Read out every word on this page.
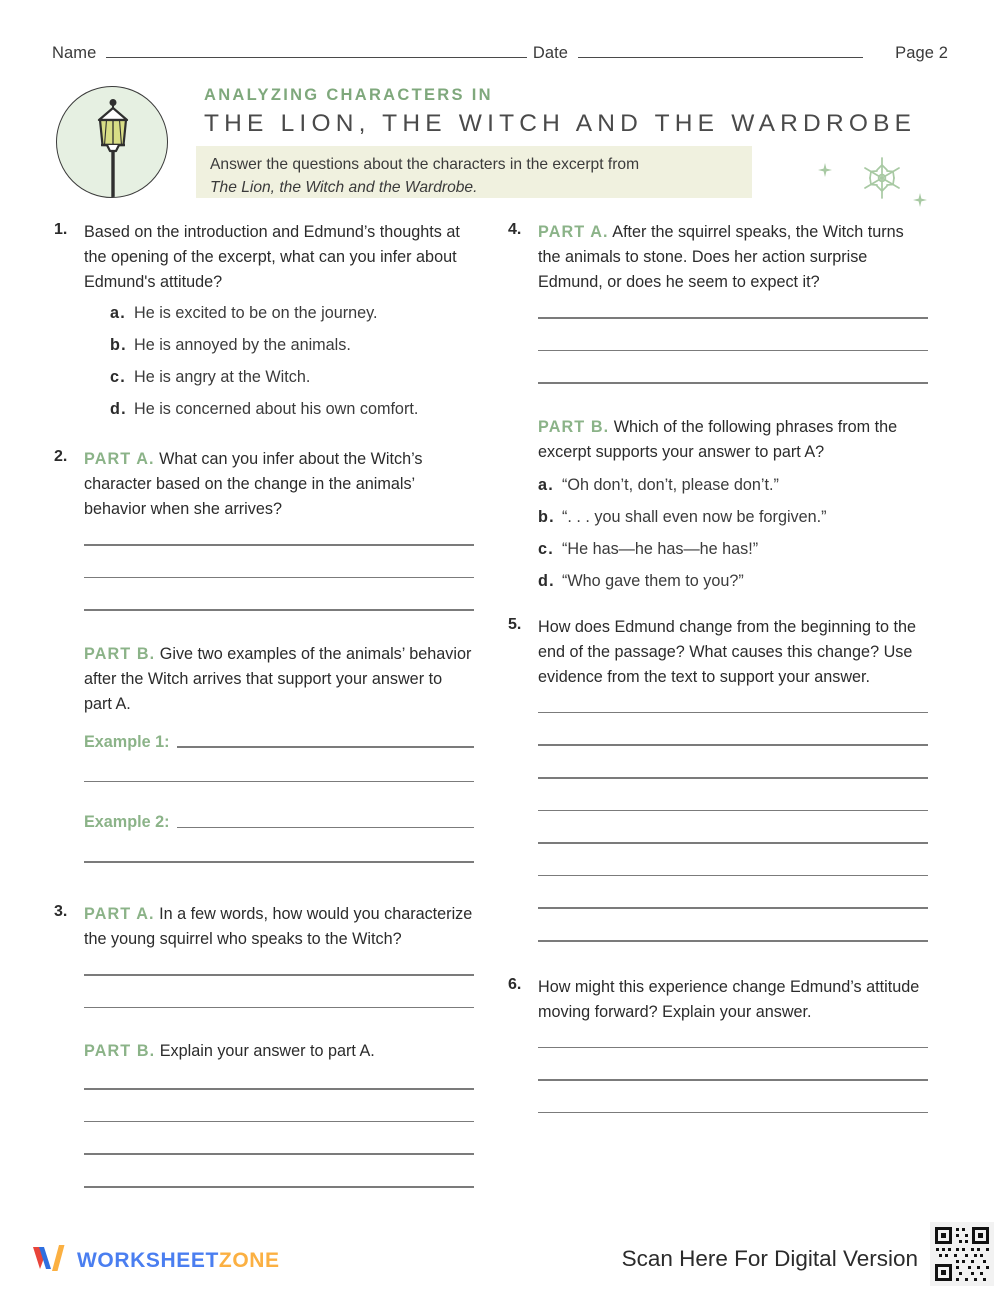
Name	Date	Page 2
ANALYZING CHARACTERS IN
THE LION, THE WITCH AND THE WARDROBE
Answer the questions about the characters in the excerpt from
The Lion, the Witch and the Wardrobe.
1.	Based on the introduction and Edmund’s thoughts at the opening of the excerpt, what can you infer about Edmund's attitude?
a. He is excited to be on the journey.
b. He is annoyed by the animals.
c. He is angry at the Witch.
d. He is concerned about his own comfort.
2.	PART A. What can you infer about the Witch’s character based on the change in the animals’ behavior when she arrives?
PART B. Give two examples of the animals’ behavior after the Witch arrives that support your answer to part A.
Example 1:
Example 2:
3.	PART A. In a few words, how would you characterize the young squirrel who speaks to the Witch?
PART B. Explain your answer to part A.
4.	PART A. After the squirrel speaks, the Witch turns the animals to stone. Does her action surprise Edmund, or does he seem to expect it?
PART B. Which of the following phrases from the excerpt supports your answer to part A?
a. “Oh don’t, don’t, please don’t.”
b. “. . . you shall even now be forgiven.”
c. “He has—he has—he has!”
d. “Who gave them to you?”
5.	How does Edmund change from the beginning to the end of the passage? What causes this change? Use evidence from the text to support your answer.
6.	How might this experience change Edmund’s attitude moving forward? Explain your answer.
WORKSHEETZONE	Scan Here For Digital Version
